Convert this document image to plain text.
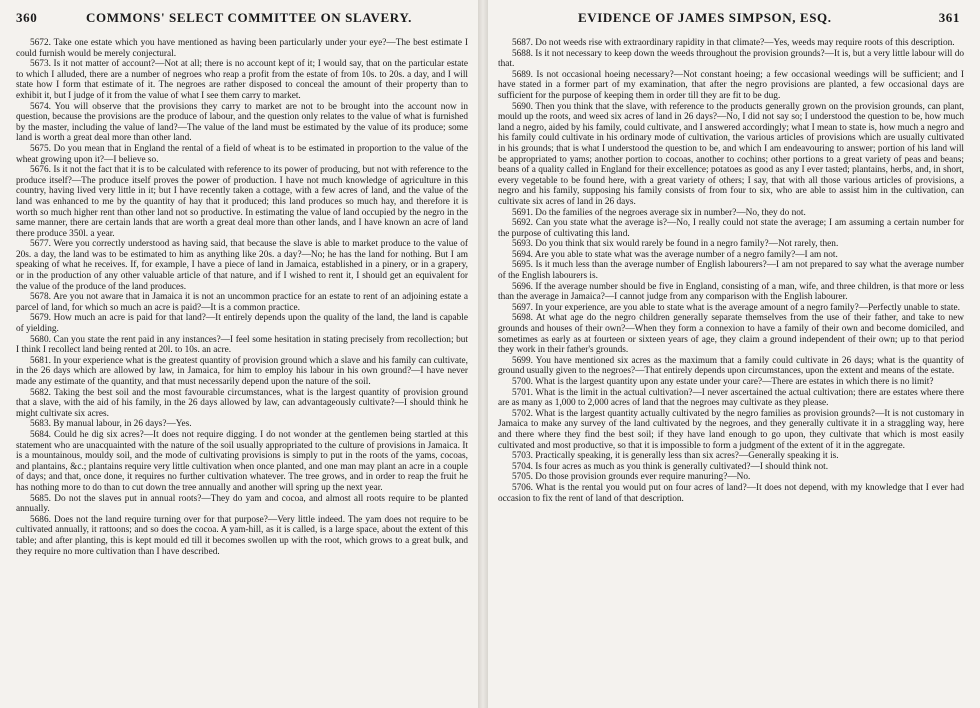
360	COMMONS' SELECT COMMITTEE ON SLAVERY.

5672. Take one estate which you have mentioned as having been particularly under your eye?—The best estimate I could furnish would be merely conjectural.

5673. Is it not matter of account?—Not at all; there is no account kept of it; I would say, that on the particular estate to which I alluded, there are a number of negroes who reap a profit from the estate of from 10s. to 20s. a day, and I will state how I form that estimate of it. The negroes are rather disposed to conceal the amount of their property than to exhibit it, but I judge of it from the value of what I see them carry to market.

5674. You will observe that the provisions they carry to market are not to be brought into the account now in question, because the provisions are the produce of labour, and the question only relates to the value of what is furnished by the master, including the value of land?—The value of the land must be estimated by the value of its produce; some land is worth a great deal more than other land.

5675. Do you mean that in England the rental of a field of wheat is to be estimated in proportion to the value of the wheat growing upon it?—I believe so.

5676. Is it not the fact that it is to be calculated with reference to its power of producing, but not with reference to the produce itself?—The produce itself proves the power of production. I have not much knowledge of agriculture in this country, having lived very little in it; but I have recently taken a cottage, with a few acres of land, and the value of the land was enhanced to me by the quantity of hay that it produced; this land produces so much hay, and therefore it is worth so much higher rent than other land not so productive. In estimating the value of land occupied by the negro in the same manner, there are certain lands that are worth a great deal more than other lands, and I have known an acre of land there produce 350l. a year.

5677. Were you correctly understood as having said, that because the slave is able to market produce to the value of 20s. a day, the land was to be estimated to him as anything like 20s. a day?—No; he has the land for nothing. But I am speaking of what he receives. If, for example, I have a piece of land in Jamaica, established in a pinery, or in a grapery, or in the production of any other valuable article of that nature, and if I wished to rent it, I should get an equivalent for the value of the produce of the land produces.

5678. Are you not aware that in Jamaica it is not an uncommon practice for an estate to rent of an adjoining estate a parcel of land, for which so much an acre is paid?—It is a common practice.

5679. How much an acre is paid for that land?—It entirely depends upon the quality of the land, the land is capable of yielding.

5680. Can you state the rent paid in any instances?—I feel some hesitation in stating precisely from recollection; but I think I recollect land being rented at 20l. to 10s. an acre.

5681. In your experience what is the greatest quantity of provision ground which a slave and his family can cultivate, in the 26 days which are allowed by law, in Jamaica, for him to employ his labour in his own ground?—I have never made any estimate of the quantity, and that must necessarily depend upon the nature of the soil.

5682. Taking the best soil and the most favourable circumstances, what is the largest quantity of provision ground that a slave, with the aid of his family, in the 26 days allowed by law, can advantageously cultivate?—I should think he might cultivate six acres.

5683. By manual labour, in 26 days?—Yes.

5684. Could he dig six acres?—It does not require digging. I do not wonder at the gentlemen being startled at this statement who are unacquainted with the nature of the soil usually appropriated to the culture of provisions in Jamaica. It is a mountainous, mouldy soil, and the mode of cultivating provisions is simply to put in the roots of the yams, cocoas, and plantains, &c.; plantains require very little cultivation when once planted, and one man may plant an acre in a couple of days; and that, once done, it requires no further cultivation whatever. The tree grows, and in order to reap the fruit he has nothing more to do than to cut down the tree annually and another will spring up the next year.

5685. Do not the slaves put in annual roots?—They do yam and cocoa, and almost all roots require to be planted annually.

5686. Does not the land require turning over for that purpose?—Very little indeed. The yam does not require to be cultivated annually, it rattoons; and so does the cocoa. A yam-hill, as it is called, is a large space, about the extent of this table; and after planting, this is kept mould ed till it becomes swollen up with the root, which grows to a great bulk, and they require no more cultivation than I have described.

EVIDENCE OF JAMES SIMPSON, ESQ.	361

5687. Do not weeds rise with extraordinary rapidity in that climate?—Yes, weeds may require roots of this description.

5688. Is it not necessary to keep down the weeds throughout the provision grounds?—It is, but a very little labour will do that.

5689. Is not occasional hoeing necessary?—Not constant hoeing; a few occasional weedings will be sufficient; and I have stated in a former part of my examination, that after the negro provisions are planted, a few occasional days are sufficient for the purpose of keeping them in order till they are fit to be dug.

5690. Then you think that the slave, with reference to the products generally grown on the provision grounds, can plant, mould up the roots, and weed six acres of land in 26 days?—No, I did not say so; I understood the question to be, how much land a negro, aided by his family, could cultivate, and I answered accordingly; what I mean to state is, how much a negro and his family could cultivate in his ordinary mode of cultivation, the various articles of provisions which are usually cultivated in his grounds; that is what I understood the question to be, and which I am endeavouring to answer; portion of his land will be appropriated to yams; another portion to cocoas, another to cochins; other portions to a great variety of peas and beans; beans of a quality called in England for their excellence; potatoes as good as any I ever tasted; plantains, herbs, and, in short, every vegetable to be found here, with a great variety of others; I say, that with all those various articles of provisions, a negro and his family, supposing his family consists of from four to six, who are able to assist him in the cultivation, can cultivate six acres of land in 26 days.

5691. Do the families of the negroes average six in number?—No, they do not.

5692. Can you state what the average is?—No, I really could not state the average; I am assuming a certain number for the purpose of cultivating this land.

5693. Do you think that six would rarely be found in a negro family?—Not rarely, then.

5694. Are you able to state what was the average number of a negro family?—I am not.

5695. Is it much less than the average number of English labourers?—I am not prepared to say what the average number of the English labourers is.

5696. If the average number should be five in England, consisting of a man, wife, and three children, is that more or less than the average in Jamaica?—I cannot judge from any comparison with the English labourer.

5697. In your experience, are you able to state what is the average amount of a negro family?—Perfectly unable to state.

5698. At what age do the negro children generally separate themselves from the use of their father, and take to new grounds and houses of their own?—When they form a connexion to have a family of their own and become domiciled, and sometimes as early as at fourteen or sixteen years of age, they claim a ground independent of their own; up to that period they work in their father's grounds.

5699. You have mentioned six acres as the maximum that a family could cultivate in 26 days; what is the quantity of ground usually given to the negroes?—That entirely depends upon circumstances, upon the extent and means of the estate.

5700. What is the largest quantity upon any estate under your care?—There are estates in which there is no limit?

5701. What is the limit in the actual cultivation?—I never ascertained the actual cultivation; there are estates where there are as many as 1,000 to 2,000 acres of land that the negroes may cultivate as they please.

5702. What is the largest quantity actually cultivated by the negro families as provision grounds?—It is not customary in Jamaica to make any survey of the land cultivated by the negroes, and they generally cultivate it in a straggling way, here and there where they find the best soil; if they have land enough to go upon, they cultivate that which is most easily cultivated and most productive, so that it is impossible to form a judgment of the extent of it in the aggregate.

5703. Practically speaking, it is generally less than six acres?—Generally speaking it is.

5704. Is four acres as much as you think is generally cultivated?—I should think not.

5705. Do those provision grounds ever require manuring?—No.

5706. What is the rental you would put on four acres of land?—It does not depend, with my knowledge that I ever had occasion to fix the rent of land of that description.
